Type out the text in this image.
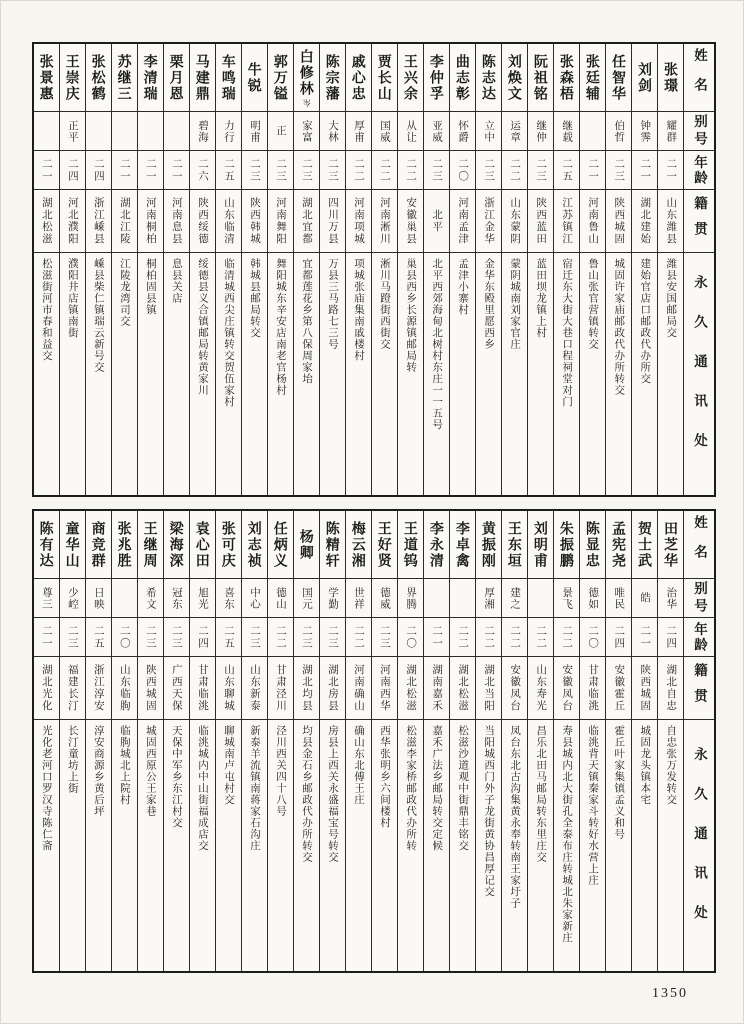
姓名
别号
年龄
籍贯
永久通讯处
张璟
耀群
二一
山东潍县
潍县安国邮局交
刘剑
钟霁
二一
湖北建始
建始官店口邮政代办所交
任智华
伯哲
二三
陕西城固
城固许家庙邮政代办所转交
张廷辅
二一
河南鲁山
鲁山张官营镇转交
张森梧
继载
二五
江苏镇江
宿迁东大街大巷口程祠堂对门
阮祖铭
继仲
二三
陕西蓝田
蓝田坝龙镇上村
刘焕文
运章
二二
山东蒙阴
蒙阴城南刘家官庄
陈志达
立中
二三
浙江金华
金华东殿里愿西乡
曲志彰
怀爵
二〇
河南孟津
孟津小寨村
李仲孚
亚威
二三
北平
北平西郊海甸北树村东庄一一五号
王兴余
从让
二二
安徽巢县
巢县西乡长源镇邮局转
贾长山
国威
二二
河南淅川
淅川马蹬街西街交
戚心忠
厚甫
二二
河南项城
项城张庙集南戚楼村
陈宗藩
大林
二三
四川万县
万县三马路七三号
白修林
岑
家富
二三
湖北宜都
宜都莲花乡第八保周家坮
郭万镒
正
二三
河南舞阳
舞阳城东辛安店南老官杨村
牛锐
明甫
二三
陕西韩城
韩城县邮局转交
车鸣瑞
力行
二五
山东临清
临清城西尖庄镇转交贺伍家村
马建鼎
碧海
二六
陕西绥德
绥德县义合镇邮局转黄家川
栗月恩
二一
河南息县
息县关店
李清瑞
二一
河南桐柏
桐柏固县镇
苏继三
二一
湖北江陵
江陵龙湾司交
张松鹤
二四
浙江嵊县
嵊县柴仁镇瑞云新号交
王崇庆
正平
二四
河北濮阳
濮阳井店镇南街
张景惠
二一
湖北松滋
松滋街河市春和益交
姓名
别号
年龄
籍贯
永久通讯处
田芝华
治华
二四
湖北自忠
自忠张万发转交
贺士武
皓
二一
陕西城固
城固龙头镇本宅
孟宪尧
唯民
二四
安徽霍丘
霍丘叶家集镇孟义和号
陈显忠
德如
二〇
甘肃临洮
临洮背天镇秦家斗转好水营上庄
朱振鹏
景飞
二二
安徽凤台
寿县城内北大街孔全泰布庄转城北朱家新庄
刘明甫
二二
山东寿光
昌乐北田马邮局转东里庄交
王东垣
建之
二二
安徽凤台
凤台东北古沟集黄永奉转南王家圩子
黄振刚
厚湘
二二
湖北当阳
当阳城西门外子龙街黄协昌厚记交
李卓禽
二二
湖北松滋
松滋沙道观中街鼎丰铭交
李永清
二一
湖南嘉禾
嘉禾广法乡邮局转交定候
王道钨
界腾
二〇
湖北松滋
松滋李家桥邮政代办所转
王好贤
德威
二三
河南西华
西华张明乡六间楼村
梅云湘
世祥
二二
河南确山
确山东北傅王庄
陈精轩
学勤
二三
湖北房县
房县上西关永盛福宝号转交
杨卿
国元
二三
湖北均县
均县金石乡邮政代办所转交
任炳义
德山
二二
甘肃泾川
泾川西关四十八号
刘志祯
中心
二三
山东新泰
新泰羊流镇南蒋家石沟庄
张可庆
喜东
二五
山东聊城
聊城南卢屯村交
袁心田
旭光
二四
甘肃临洮
临洮城内中山街福成店交
梁海深
冠东
二三
广西天保
天保中军乡东江村交
王继周
希文
二三
陕西城固
城固西原公王家巷
张兆胜
二〇
山东临朐
临朐城北上院村
商竞群
日映
二五
浙江淳安
淳安商源乡黄后坪
童华山
少崆
二三
福建长汀
长汀童坊上街
陈有达
尊三
二一
湖北光化
光化老河口罗汉寺陈仁斋
1350
